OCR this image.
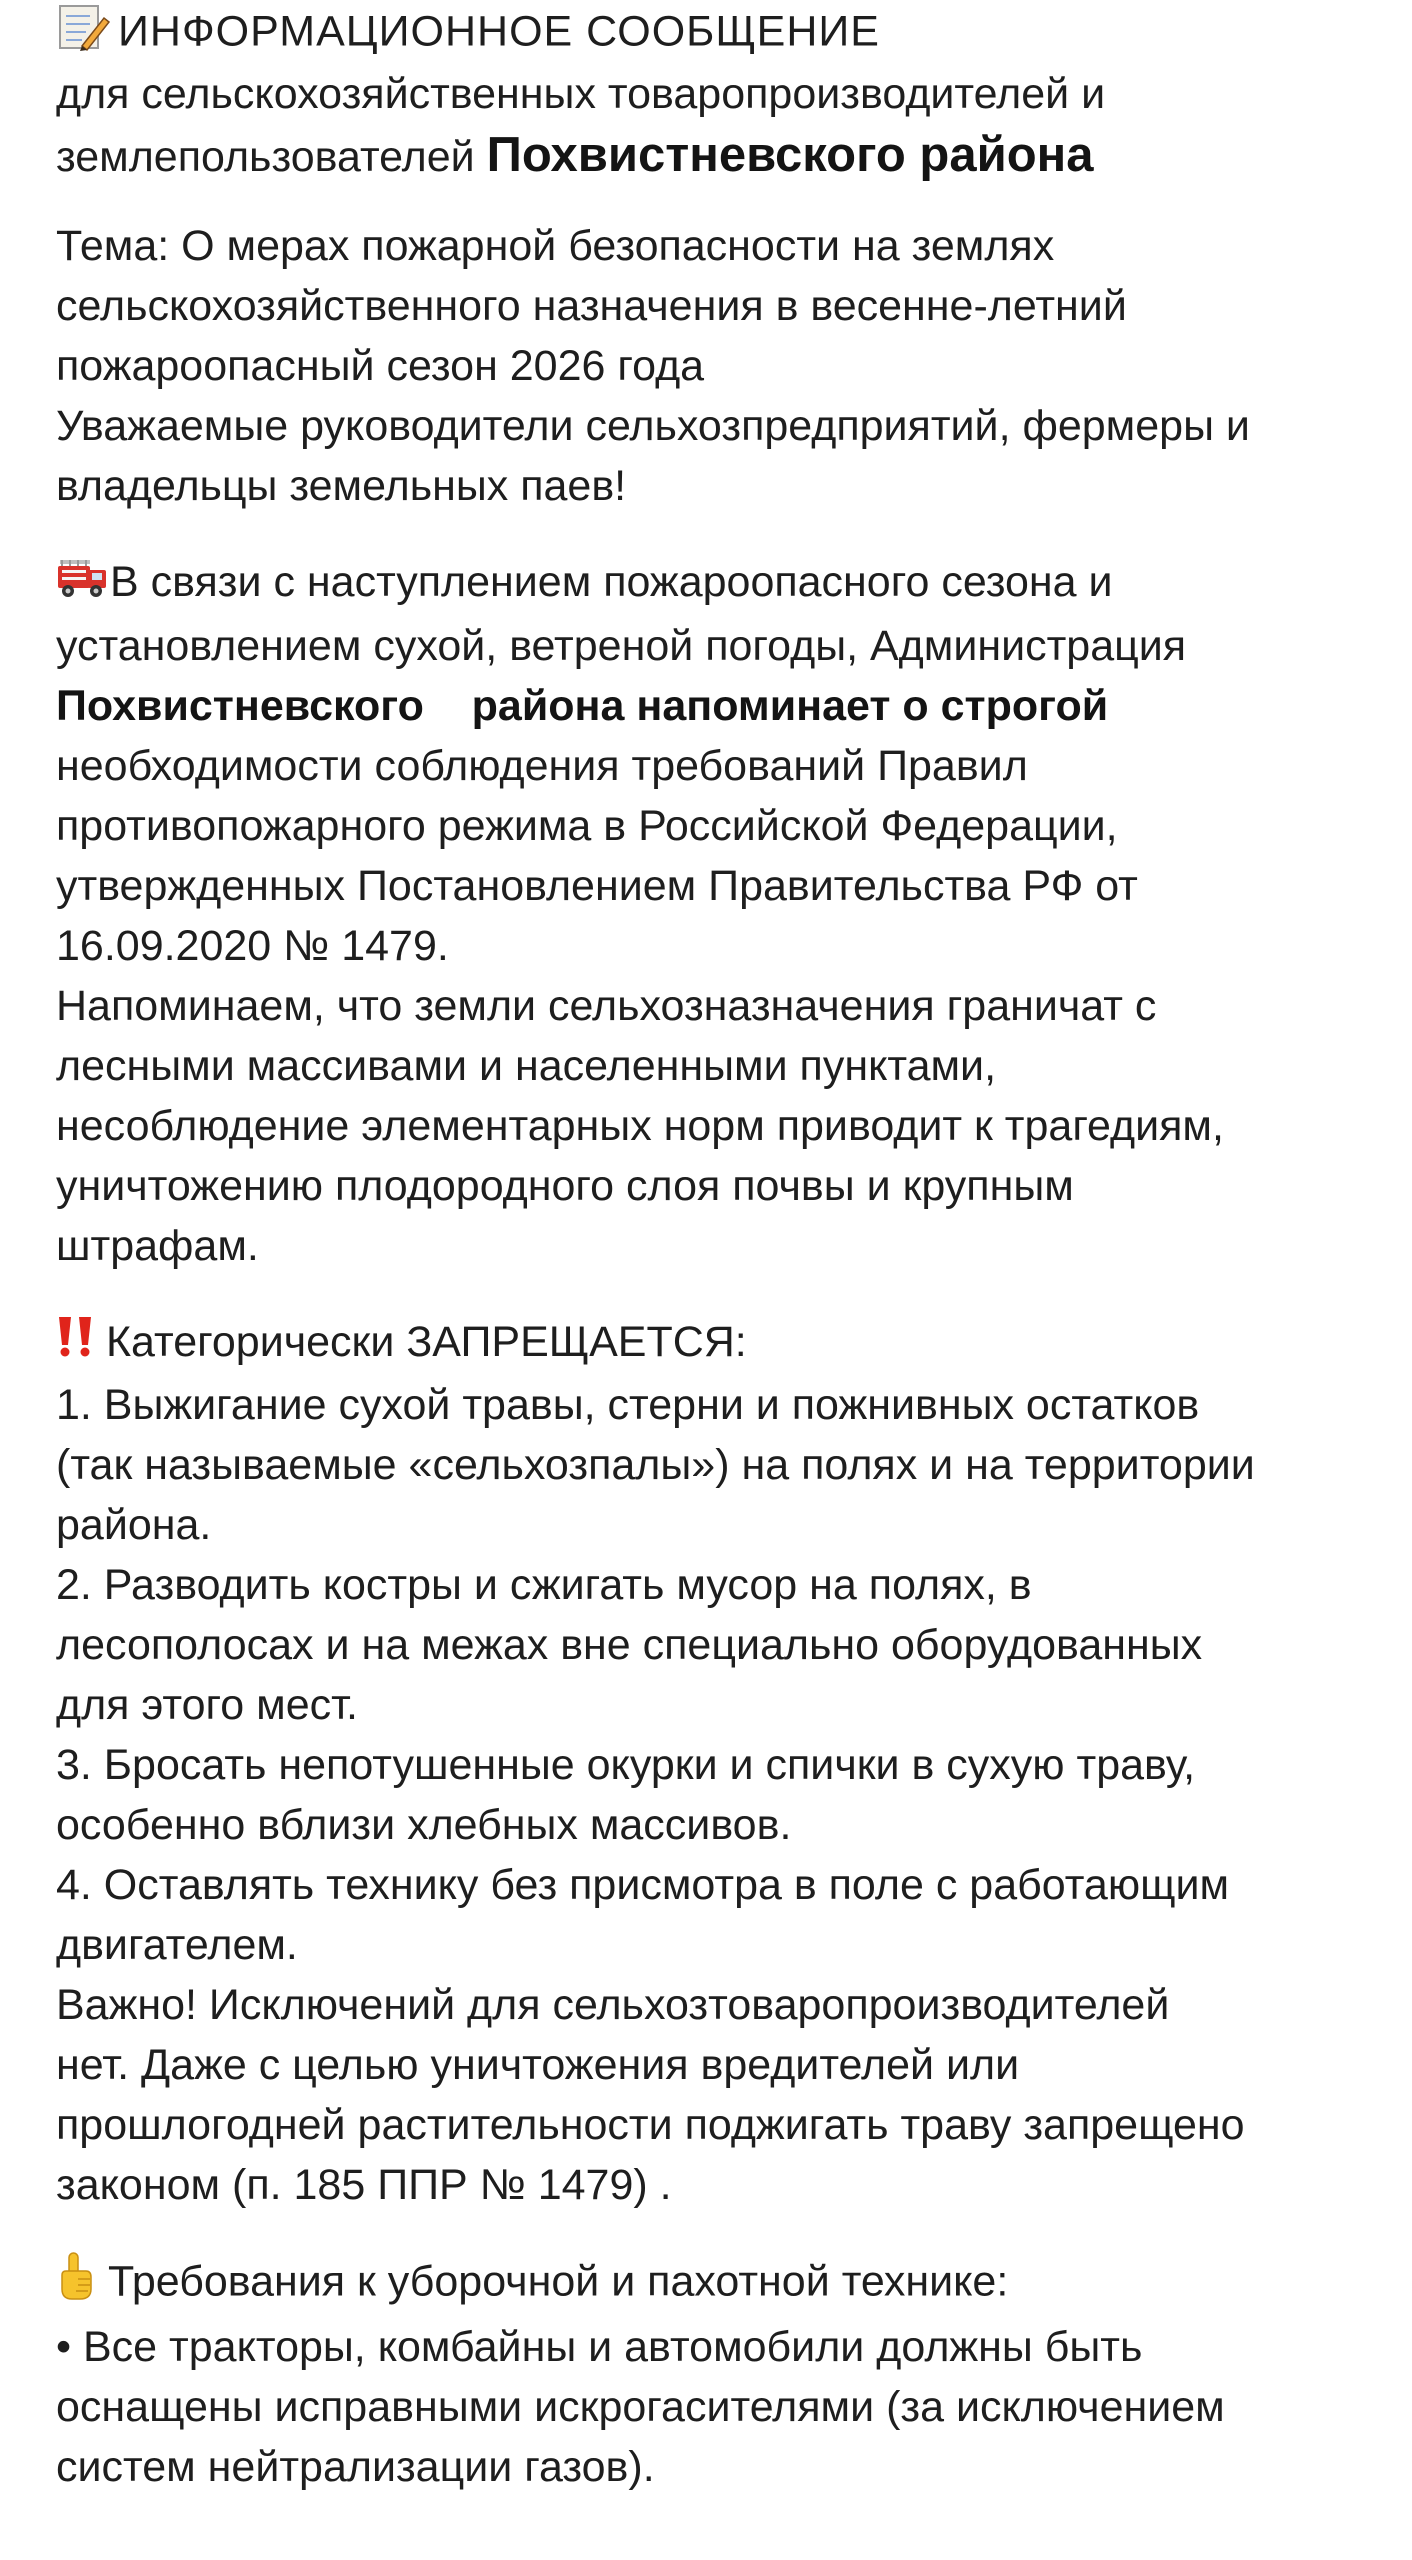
ИНФОРМАЦИОННОЕ СООБЩЕНИЕ
для сельскохозяйственных товаропроизводителей и
землепользователей Похвистневского района
Тема: О мерах пожарной безопасности на землях
сельскохозяйственного назначения в весенне-летний
пожароопасный сезон 2026 года
Уважаемые руководители сельхозпредприятий, фермеры и
владельцы земельных паев!
В связи с наступлением пожароопасного сезона и
установлением сухой, ветреной погоды, Администрация
Похвистневского    района напоминает о строгой
необходимости соблюдения требований Правил
противопожарного режима в Российской Федерации,
утвержденных Постановлением Правительства РФ от
16.09.2020 № 1479.
Напоминаем, что земли сельхозназначения граничат с
лесными массивами и населенными пунктами,
несоблюдение элементарных норм приводит к трагедиям,
уничтожению плодородного слоя почвы и крупным
штрафам.
Категорически ЗАПРЕЩАЕТСЯ:
1. Выжигание сухой травы, стерни и пожнивных остатков
(так называемые «сельхозпалы») на полях и на территории
района.
2. Разводить костры и сжигать мусор на полях, в
лесополосах и на межах вне специально оборудованных
для этого мест.
3. Бросать непотушенные окурки и спички в сухую траву,
особенно вблизи хлебных массивов.
4. Оставлять технику без присмотра в поле с работающим
двигателем.
Важно! Исключений для сельхозтоваропроизводителей
нет. Даже с целью уничтожения вредителей или
прошлогодней растительности поджигать траву запрещено
законом (п. 185 ППР № 1479) .
Требования к уборочной и пахотной технике:
• Все тракторы, комбайны и автомобили должны быть
оснащены исправными искрогасителями (за исключением
систем нейтрализации газов).
